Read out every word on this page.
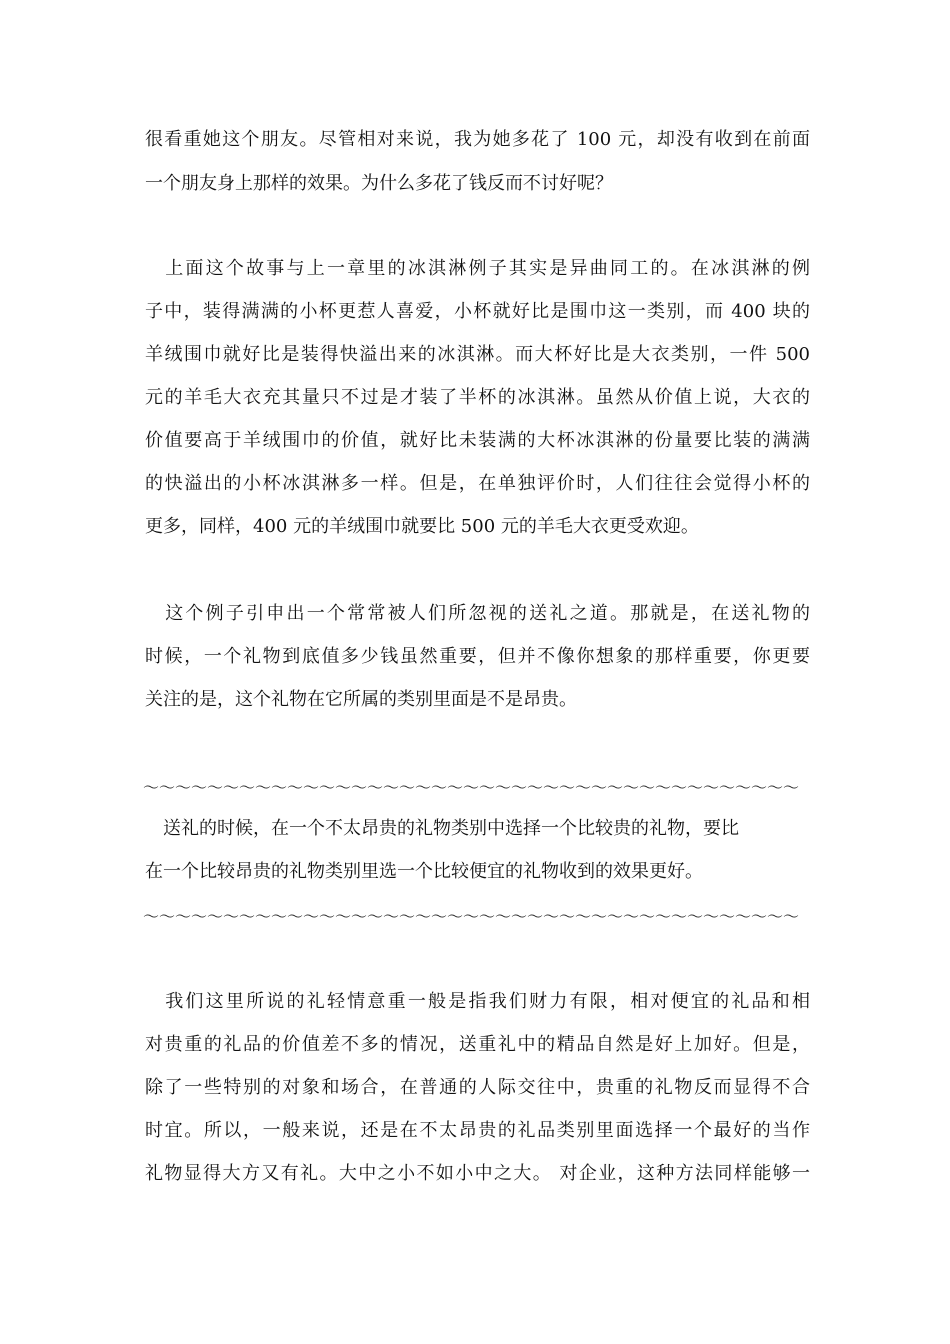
很看重她这个朋友。尽管相对来说，我为她多花了 100 元，却没有收到在前面
一个朋友身上那样的效果。为什么多花了钱反而不讨好呢？
　上面这个故事与上一章里的冰淇淋例子其实是异曲同工的。在冰淇淋的例
子中，装得满满的小杯更惹人喜爱，小杯就好比是围巾这一类别，而 400 块的
羊绒围巾就好比是装得快溢出来的冰淇淋。而大杯好比是大衣类别，一件 500
元的羊毛大衣充其量只不过是才装了半杯的冰淇淋。虽然从价值上说，大衣的
价值要高于羊绒围巾的价值，就好比未装满的大杯冰淇淋的份量要比装的满满
的快溢出的小杯冰淇淋多一样。但是，在单独评价时，人们往往会觉得小杯的
更多，同样，400 元的羊绒围巾就要比 500 元的羊毛大衣更受欢迎。
　这个例子引申出一个常常被人们所忽视的送礼之道。那就是，在送礼物的
时候，一个礼物到底值多少钱虽然重要，但并不像你想象的那样重要，你更要
关注的是，这个礼物在它所属的类别里面是不是昂贵。
～～～～～～～～～～～～～～～～～～～～～～～～～～～～～～～～～～～～～～～～～
　送礼的时候，在一个不太昂贵的礼物类别中选择一个比较贵的礼物，要比
在一个比较昂贵的礼物类别里选一个比较便宜的礼物收到的效果更好。
～～～～～～～～～～～～～～～～～～～～～～～～～～～～～～～～～～～～～～～～～
　我们这里所说的礼轻情意重一般是指我们财力有限，相对便宜的礼品和相
对贵重的礼品的价值差不多的情况，送重礼中的精品自然是好上加好。但是，
除了一些特别的对象和场合，在普通的人际交往中，贵重的礼物反而显得不合
时宜。所以，一般来说，还是在不太昂贵的礼品类别里面选择一个最好的当作
礼物显得大方又有礼。大中之小不如小中之大。 对企业，这种方法同样能够一
